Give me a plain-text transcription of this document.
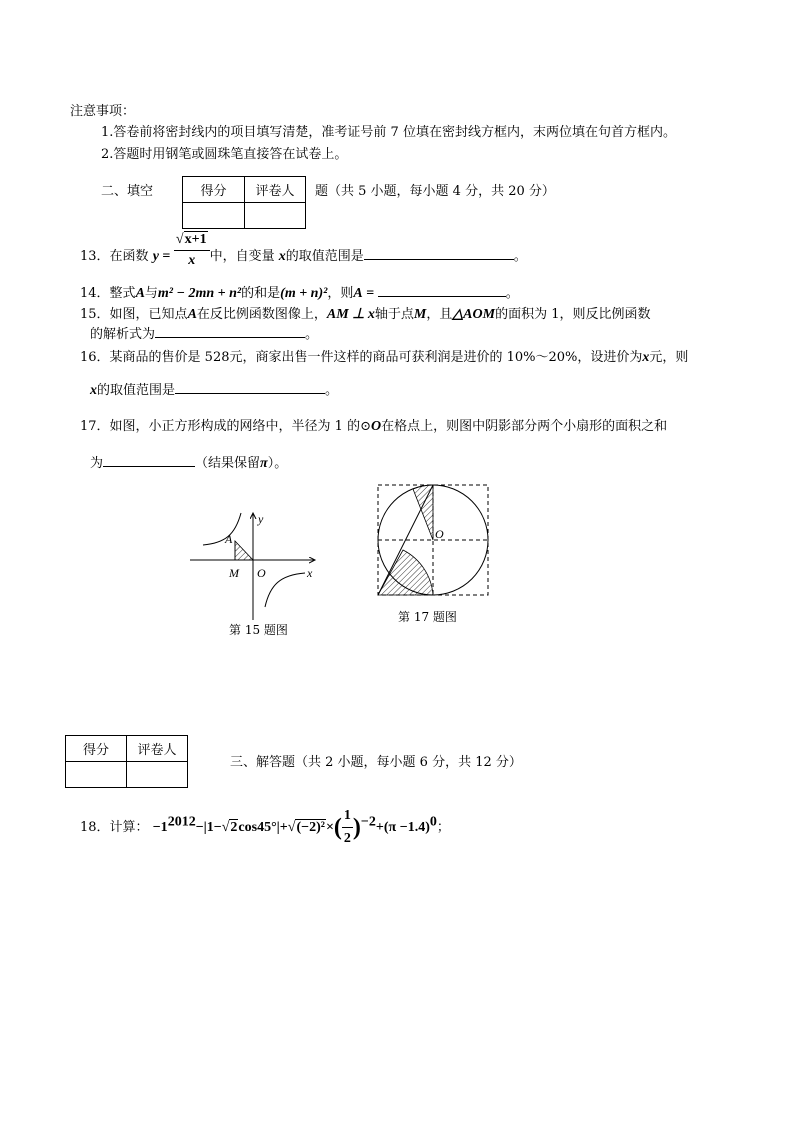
注意事项：
1.答卷前将密封线内的项目填写清楚，准考证号前 7 位填在密封线方框内，末两位填在句首方框内。
2.答题时用钢笔或圆珠笔直接答在试卷上。
二、填空	得分	评卷人
	题（共 5 小题，每小题 4 分，共 20 分）
13．在函数 $y = \frac{√x+1}{x}$ 中，自变量 x的取值范围是	。
14．整式A与m² − 2mn + n²的和是(m + n)²，则A =	。
15．如图，已知点A在反比例函数图像上，AM ⊥ x轴于点M，且△AOM的面积为 1，则反比例函数
的解析式为	。
16．某商品的售价是 528元，商家出售一件这样的商品可获利润是进价的 10%～20%，设进价为x元，则
x的取值范围是	。
17．如图，小正方形构成的网络中，半径为 1 的⊙O在格点上，则图中阴影部分两个小扇形的面积之和
为	（结果保留π）。
A
M O
y
x
第 15 题图
O
第 17 题图
得分	评卷人

三、解答题（共 2 小题，每小题 6 分，共 12 分）
18．计算： $-1^{2012}-|1-√2\cos 45^\circ|+√(-2)^2\times( \frac{1}{2} )^{-2}+(\pi -1.4)^0$；
